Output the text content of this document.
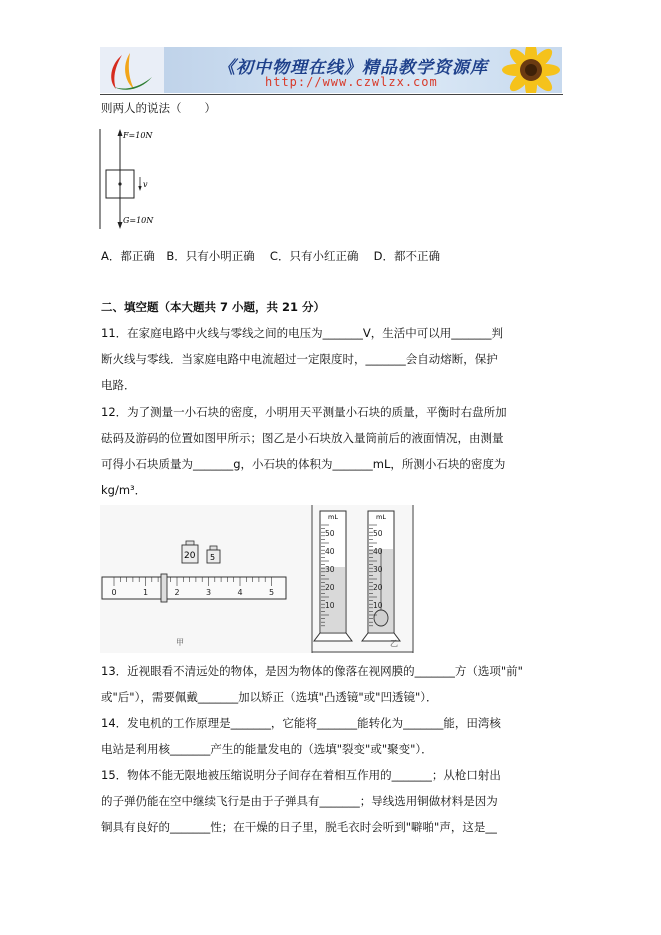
《初中物理在线》精品教学资源库
http://www.czwlzx.com
则两人的说法（　　）
F=10N
v
G=10N
A．都正确　B．只有小明正确　 C．只有小红正确　 D．都不正确
二、填空题（本大题共 7 小题，共 21 分）
11．在家庭电路中火线与零线之间的电压为_______V，生活中可以用_______判
断火线与零线．当家庭电路中电流超过一定限度时，_______会自动熔断，保护
电路．
12．为了测量一小石块的密度，小明用天平测量小石块的质量，平衡时右盘所加
砝码及游码的位置如图甲所示；图乙是小石块放入量筒前后的液面情况，由测量
可得小石块质量为_______g，小石块的体积为_______mL，所测小石块的密度为
kg/m³．
20 5
0	1	2	3	4	5
甲
50
40
30
20
10
mL
50
40
30
20
10
mL
乙
13．近视眼看不清远处的物体，是因为物体的像落在视网膜的_______方（选项"前"
或"后"），需要佩戴_______加以矫正（选填"凸透镜"或"凹透镜"）．
14．发电机的工作原理是_______，它能将_______能转化为_______能，田湾核
电站是利用核_______产生的能量发电的（选填"裂变"或"聚变"）．
15．物体不能无限地被压缩说明分子间存在着相互作用的_______；从枪口射出
的子弹仍能在空中继续飞行是由于子弹具有_______；导线选用铜做材料是因为
铜具有良好的_______性；在干燥的日子里，脱毛衣时会听到"噼啪"声，这是__
